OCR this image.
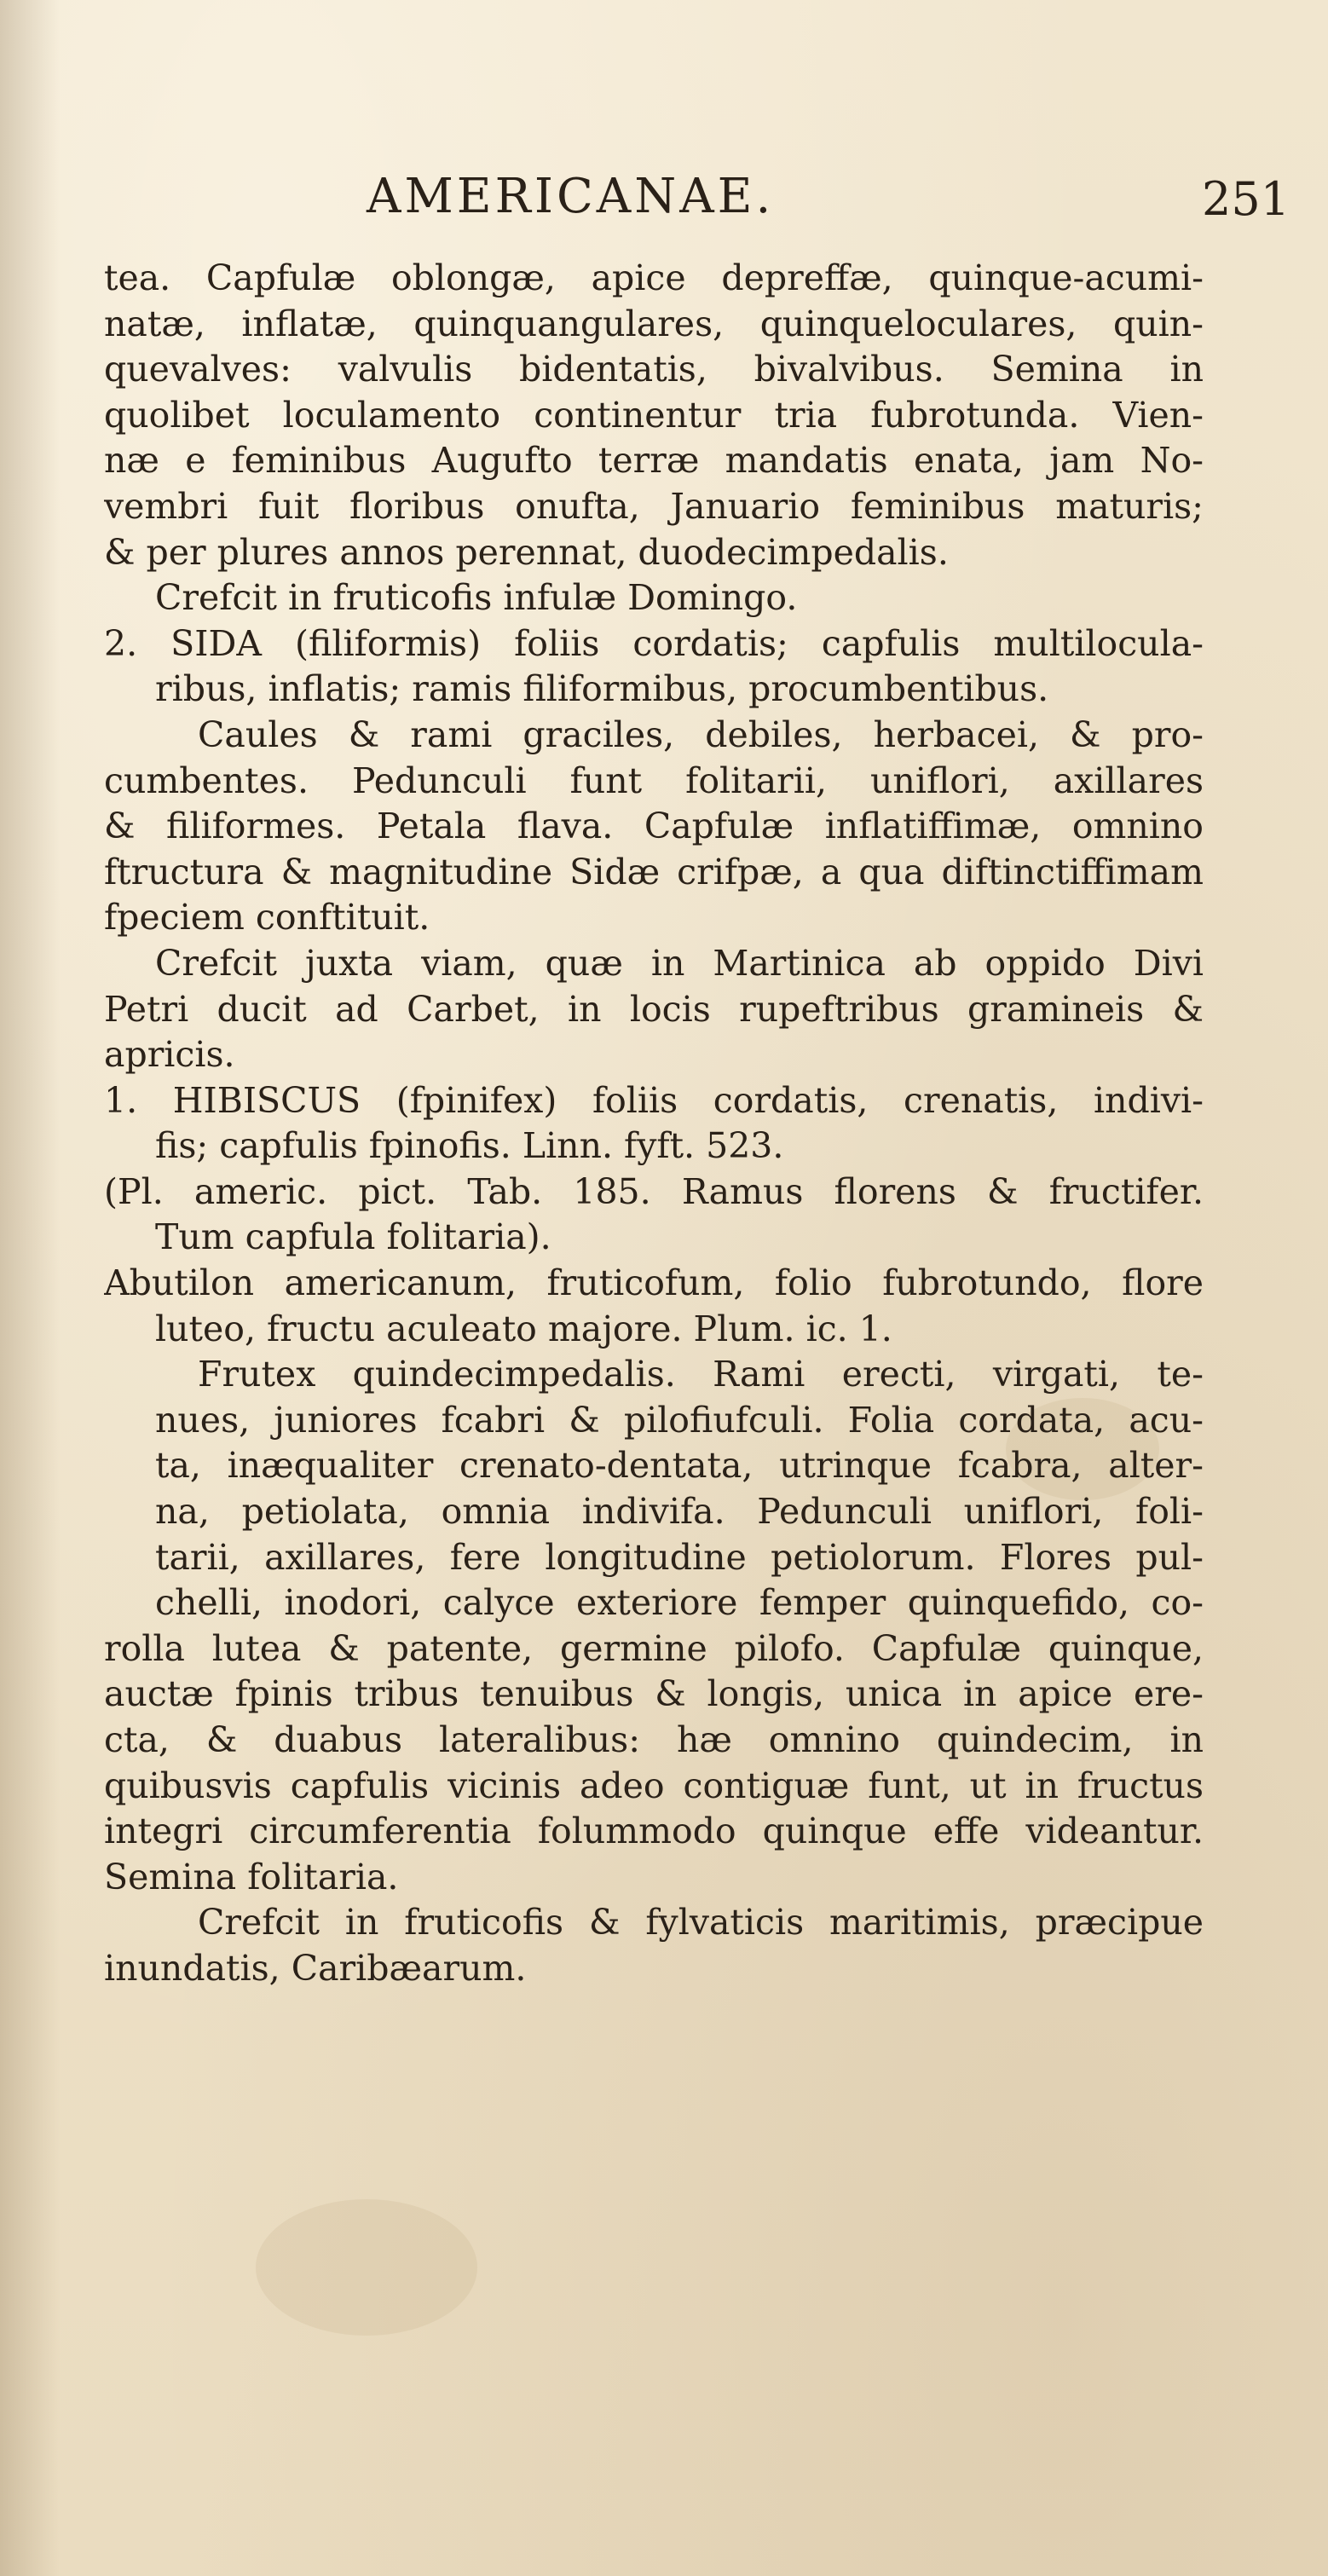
AMERICANAE.	251
tea. Capfulæ oblongæ, apice depreffæ, quinque-acumi-
natæ, inflatæ, quinquangulares, quinqueloculares, quin-
quevalves: valvulis bidentatis, bivalvibus. Semina in
quolibet loculamento continentur tria fubrotunda. Vien-
næ e feminibus Augufto terræ mandatis enata, jam No-
vembri fuit floribus onufta, Januario feminibus maturis;
& per plures annos perennat, duodecimpedalis.
Crefcit in fruticofis infulæ Domingo.
2. SIDA (filiformis) foliis cordatis; capfulis multilocula-
ribus, inflatis; ramis filiformibus, procumbentibus.
Caules & rami graciles, debiles, herbacei, & pro-
cumbentes. Pedunculi funt folitarii, uniflori, axillares
& filiformes. Petala flava. Capfulæ inflatiffimæ, omnino
ftructura & magnitudine Sidæ crifpæ, a qua diftinctiffimam
fpeciem conftituit.
Crefcit juxta viam, quæ in Martinica ab oppido Divi
Petri ducit ad Carbet, in locis rupeftribus gramineis &
apricis.
1. HIBISCUS (fpinifex) foliis cordatis, crenatis, indivi-
fis; capfulis fpinofis. Linn. fyft. 523.
(Pl. americ. pict. Tab. 185. Ramus florens & fructifer.
Tum capfula folitaria).
Abutilon americanum, fruticofum, folio fubrotundo, flore
luteo, fructu aculeato majore. Plum. ic. 1.
Frutex quindecimpedalis. Rami erecti, virgati, te-
nues, juniores fcabri & pilofiufculi. Folia cordata, acu-
ta, inæqualiter crenato-dentata, utrinque fcabra, alter-
na, petiolata, omnia indivifa. Pedunculi uniflori, foli-
tarii, axillares, fere longitudine petiolorum. Flores pul-
chelli, inodori, calyce exteriore femper quinquefido, co-
rolla lutea & patente, germine pilofo. Capfulæ quinque,
auctæ fpinis tribus tenuibus & longis, unica in apice ere-
cta, & duabus lateralibus: hæ omnino quindecim, in
quibusvis capfulis vicinis adeo contiguæ funt, ut in fructus
integri circumferentia folummodo quinque effe videantur.
Semina folitaria.
Crefcit in fruticofis & fylvaticis maritimis, præcipue
inundatis, Caribæarum.
